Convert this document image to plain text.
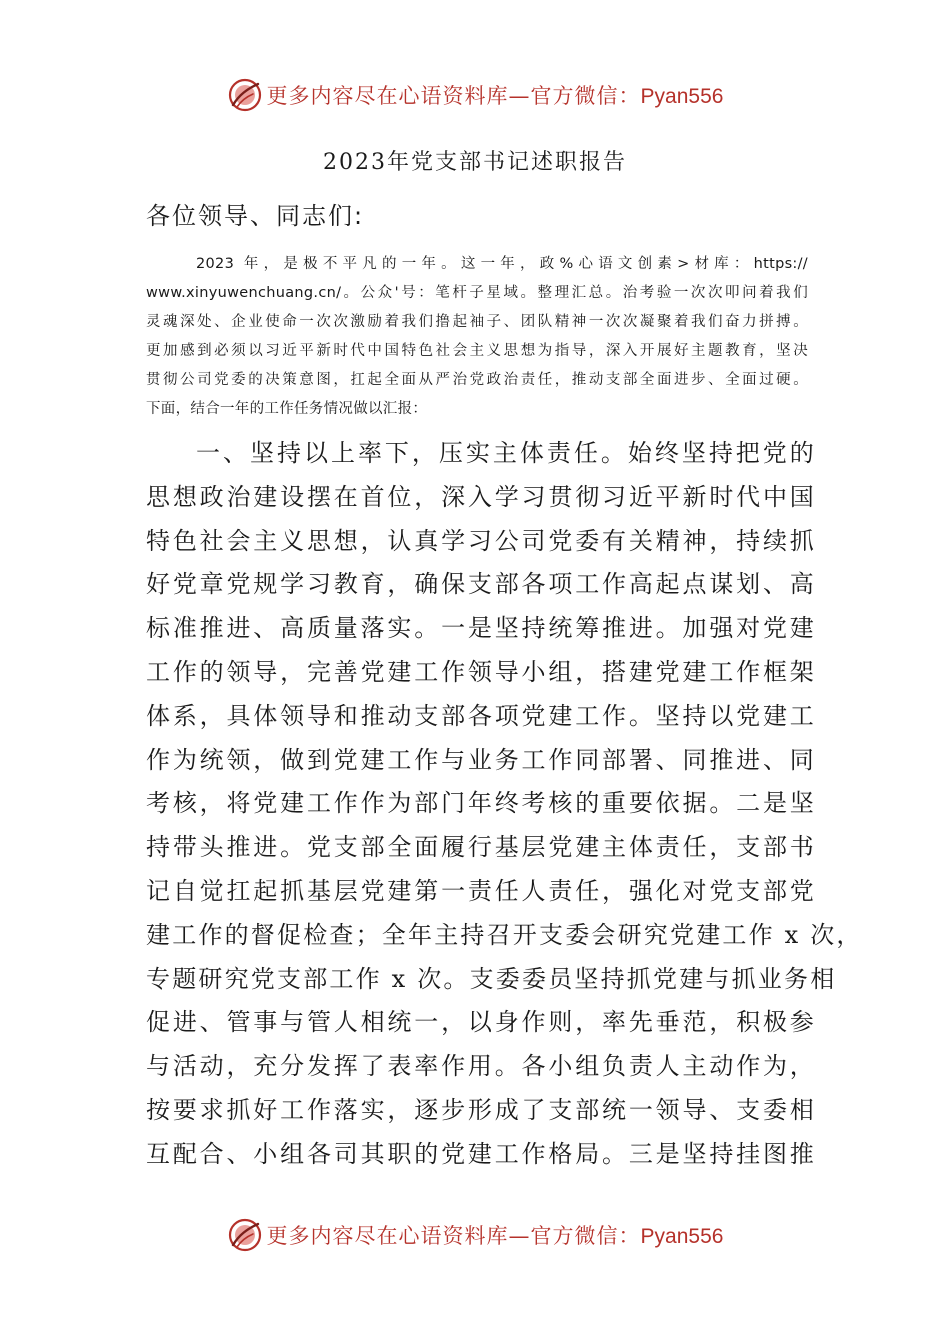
更多内容尽在心语资料库—官方微信：Pyan556
2023年党支部书记述职报告
各位领导、同志们:
2023 年，是极不平凡的一年。这一年，政%心语文创素>材库：https://
www.xinyuwenchuang.cn/。公众'号：笔杆子星域。整理汇总。治考验一次次叩问着我们
灵魂深处、企业使命一次次激励着我们撸起袖子、团队精神一次次凝聚着我们奋力拼搏。
更加感到必须以习近平新时代中国特色社会主义思想为指导，深入开展好主题教育，坚决
贯彻公司党委的决策意图，扛起全面从严治党政治责任，推动支部全面进步、全面过硬。
下面，结合一年的工作任务情况做以汇报：
一、坚持以上率下，压实主体责任。始终坚持把党的
思想政治建设摆在首位，深入学习贯彻习近平新时代中国
特色社会主义思想，认真学习公司党委有关精神，持续抓
好党章党规学习教育，确保支部各项工作高起点谋划、高
标准推进、高质量落实。一是坚持统筹推进。加强对党建
工作的领导，完善党建工作领导小组，搭建党建工作框架
体系，具体领导和推动支部各项党建工作。坚持以党建工
作为统领，做到党建工作与业务工作同部署、同推进、同
考核，将党建工作作为部门年终考核的重要依据。二是坚
持带头推进。党支部全面履行基层党建主体责任，支部书
记自觉扛起抓基层党建第一责任人责任，强化对党支部党
建工作的督促检查；全年主持召开支委会研究党建工作 x 次，
专题研究党支部工作 x 次。支委委员坚持抓党建与抓业务相
促进、管事与管人相统一，以身作则，率先垂范，积极参
与活动，充分发挥了表率作用。各小组负责人主动作为，
按要求抓好工作落实，逐步形成了支部统一领导、支委相
互配合、小组各司其职的党建工作格局。三是坚持挂图推
更多内容尽在心语资料库—官方微信：Pyan556
